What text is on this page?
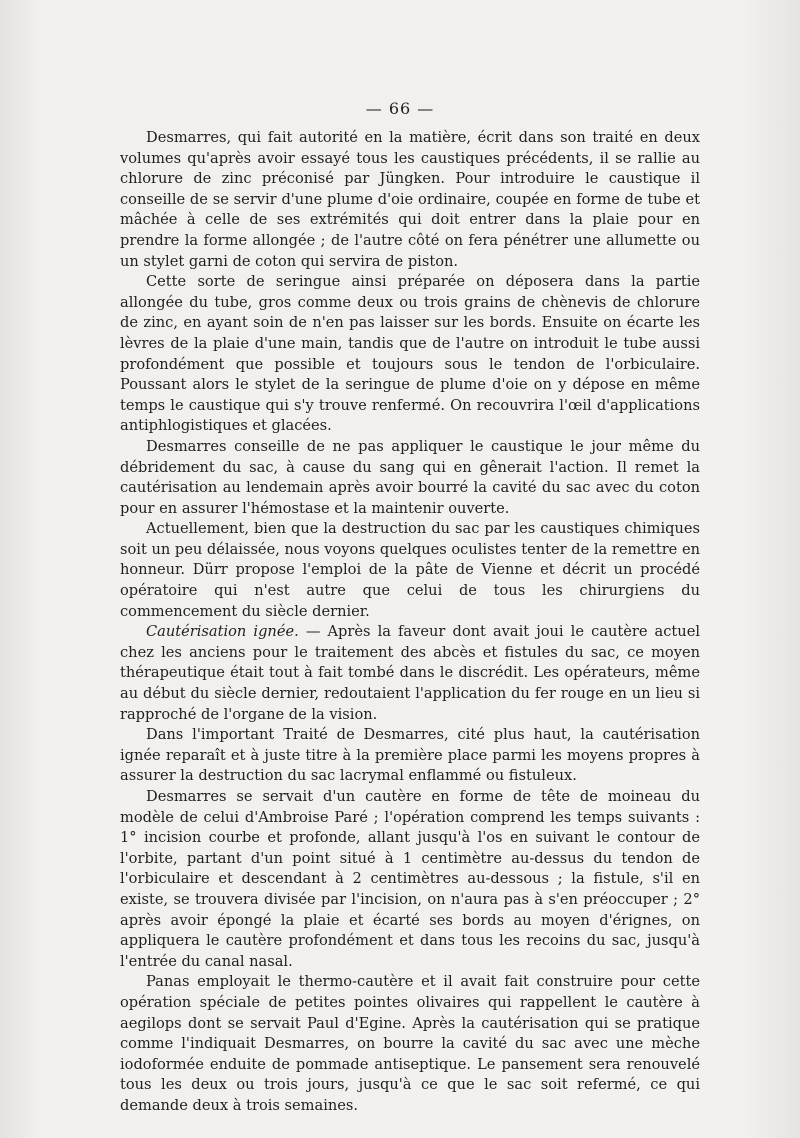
— 66 —

Desmarres, qui fait autorité en la matière, écrit dans son traité en deux volumes qu'après avoir essayé tous les caustiques précédents, il se rallie au chlorure de zinc préconisé par Jüngken. Pour introduire le caustique il conseille de se servir d'une plume d'oie ordinaire, coupée en forme de tube et mâchée à celle de ses extrémités qui doit entrer dans la plaie pour en prendre la forme allongée ; de l'autre côté on fera pénétrer une allumette ou un stylet garni de coton qui servira de piston.

Cette sorte de seringue ainsi préparée on déposera dans la partie allongée du tube, gros comme deux ou trois grains de chènevis de chlorure de zinc, en ayant soin de n'en pas laisser sur les bords. Ensuite on écarte les lèvres de la plaie d'une main, tandis que de l'autre on introduit le tube aussi profondément que possible et toujours sous le tendon de l'orbiculaire. Poussant alors le stylet de la seringue de plume d'oie on y dépose en même temps le caustique qui s'y trouve renfermé. On recouvrira l'œil d'applications antiphlogistiques et glacées.

Desmarres conseille de ne pas appliquer le caustique le jour même du débridement du sac, à cause du sang qui en gênerait l'action. Il remet la cautérisation au lendemain après avoir bourré la cavité du sac avec du coton pour en assurer l'hémostase et la maintenir ouverte.

Actuellement, bien que la destruction du sac par les caustiques chimiques soit un peu délaissée, nous voyons quelques oculistes tenter de la remettre en honneur. Dürr propose l'emploi de la pâte de Vienne et décrit un procédé opératoire qui n'est autre que celui de tous les chirurgiens du commencement du siècle dernier.

Cautérisation ignée. — Après la faveur dont avait joui le cautère actuel chez les anciens pour le traitement des abcès et fistules du sac, ce moyen thérapeutique était tout à fait tombé dans le discrédit. Les opérateurs, même au début du siècle dernier, redoutaient l'application du fer rouge en un lieu si rapproché de l'organe de la vision.

Dans l'important Traité de Desmarres, cité plus haut, la cautérisation ignée reparaît et à juste titre à la première place parmi les moyens propres à assurer la destruction du sac lacrymal enflammé ou fistuleux.

Desmarres se servait d'un cautère en forme de tête de moineau du modèle de celui d'Ambroise Paré ; l'opération comprend les temps suivants : 1° incision courbe et profonde, allant jusqu'à l'os en suivant le contour de l'orbite, partant d'un point situé à 1 centimètre au-dessus du tendon de l'orbiculaire et descendant à 2 centimètres au-dessous ; la fistule, s'il en existe, se trouvera divisée par l'incision, on n'aura pas à s'en préoccuper ; 2° après avoir épongé la plaie et écarté ses bords au moyen d'érignes, on appliquera le cautère profondément et dans tous les recoins du sac, jusqu'à l'entrée du canal nasal.

Panas employait le thermo-cautère et il avait fait construire pour cette opération spéciale de petites pointes olivaires qui rappellent le cautère à aegilops dont se servait Paul d'Egine. Après la cautérisation qui se pratique comme l'indiquait Desmarres, on bourre la cavité du sac avec une mèche iodoformée enduite de pommade antiseptique. Le pansement sera renouvelé tous les deux ou trois jours, jusqu'à ce que le sac soit refermé, ce qui demande deux à trois semaines.
